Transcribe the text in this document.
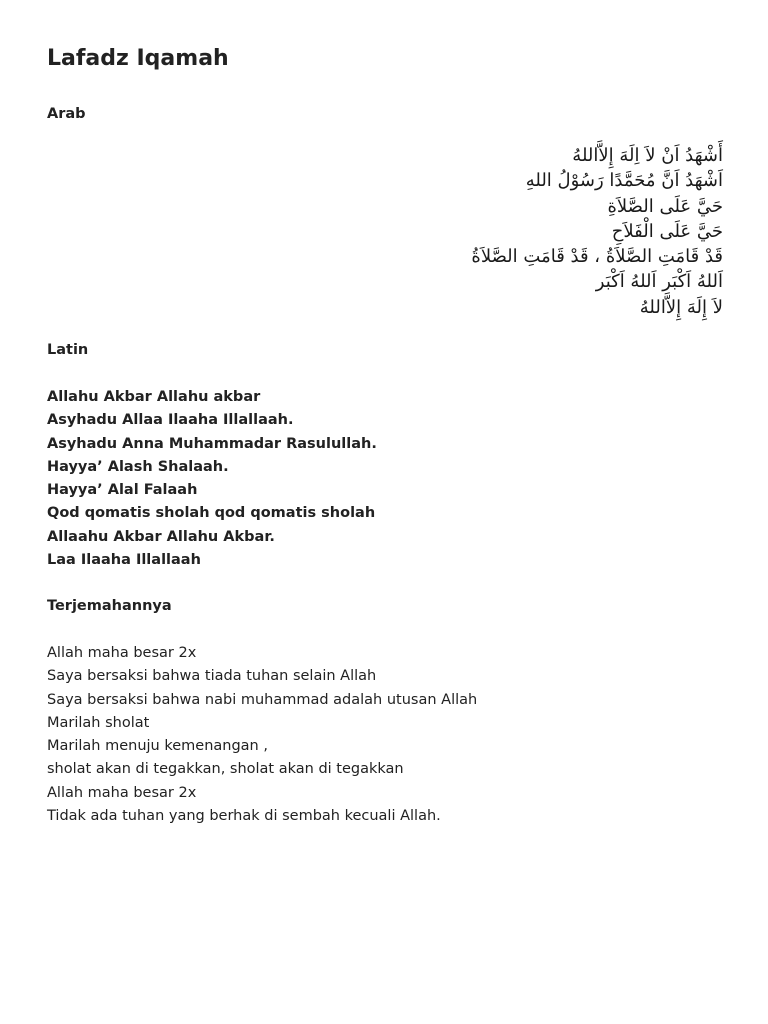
Lafadz Iqamah
Arab
أَشْهَدُ اَنْ لاَ اِلَهَ إِلاَّاللهُ
اَشْهَدُ اَنَّ مُحَمَّدًا رَسُوْلُ اللهِ
حَيَّ عَلَى الصَّلاَةِ
حَيَّ عَلَى الْفَلاَحِ
قَدْ قَامَتِ الصَّلاَةُ ، قَدْ قَامَتِ الصَّلاَةُ
اَللهُ اَكْبَر اَللهُ اَكْبَر
لاَ إِلَهَ إِلاَّاللهُ
Latin
Allahu Akbar Allahu akbar
Asyhadu Allaa Ilaaha Illallaah.
Asyhadu Anna Muhammadar Rasulullah.
Hayya’ Alash Shalaah.
Hayya’ Alal Falaah
Qod qomatis sholah qod qomatis sholah
Allaahu Akbar Allahu Akbar.
Laa Ilaaha Illallaah
Terjemahannya
Allah maha besar 2x
Saya bersaksi bahwa tiada tuhan selain Allah
Saya bersaksi bahwa nabi muhammad adalah utusan Allah
Marilah sholat
Marilah menuju kemenangan ,
sholat akan di tegakkan, sholat akan di tegakkan
Allah maha besar 2x
Tidak ada tuhan yang berhak di sembah kecuali Allah.
